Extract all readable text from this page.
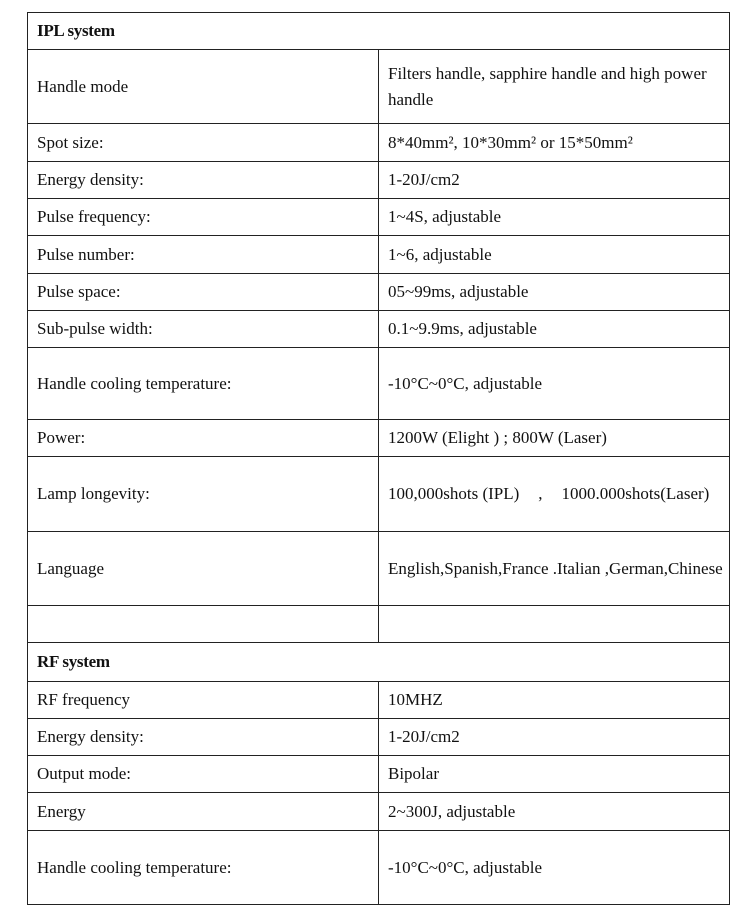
IPL system	
Handle mode	Filters handle, sapphire handle and high power handle
Spot size:	8*40mm², 10*30mm² or 15*50mm²
Energy density:	1-20J/cm2
Pulse frequency:	1~4S, adjustable
Pulse number:	1~6, adjustable
Pulse space:	05~99ms, adjustable
Sub-pulse width:	0.1~9.9ms, adjustable
Handle cooling temperature:	-10°C~0°C, adjustable
Power:	1200W (Elight ) ; 800W (Laser)
Lamp longevity:	100,000shots (IPL) , 1000.000shots(Laser)
Language	English,Spanish,France .Italian ,German,Chinese

RF system	
RF frequency	10MHZ
Energy density:	1-20J/cm2
Output mode:	Bipolar
Energy	2~300J, adjustable
Handle cooling temperature:	-10°C~0°C, adjustable
